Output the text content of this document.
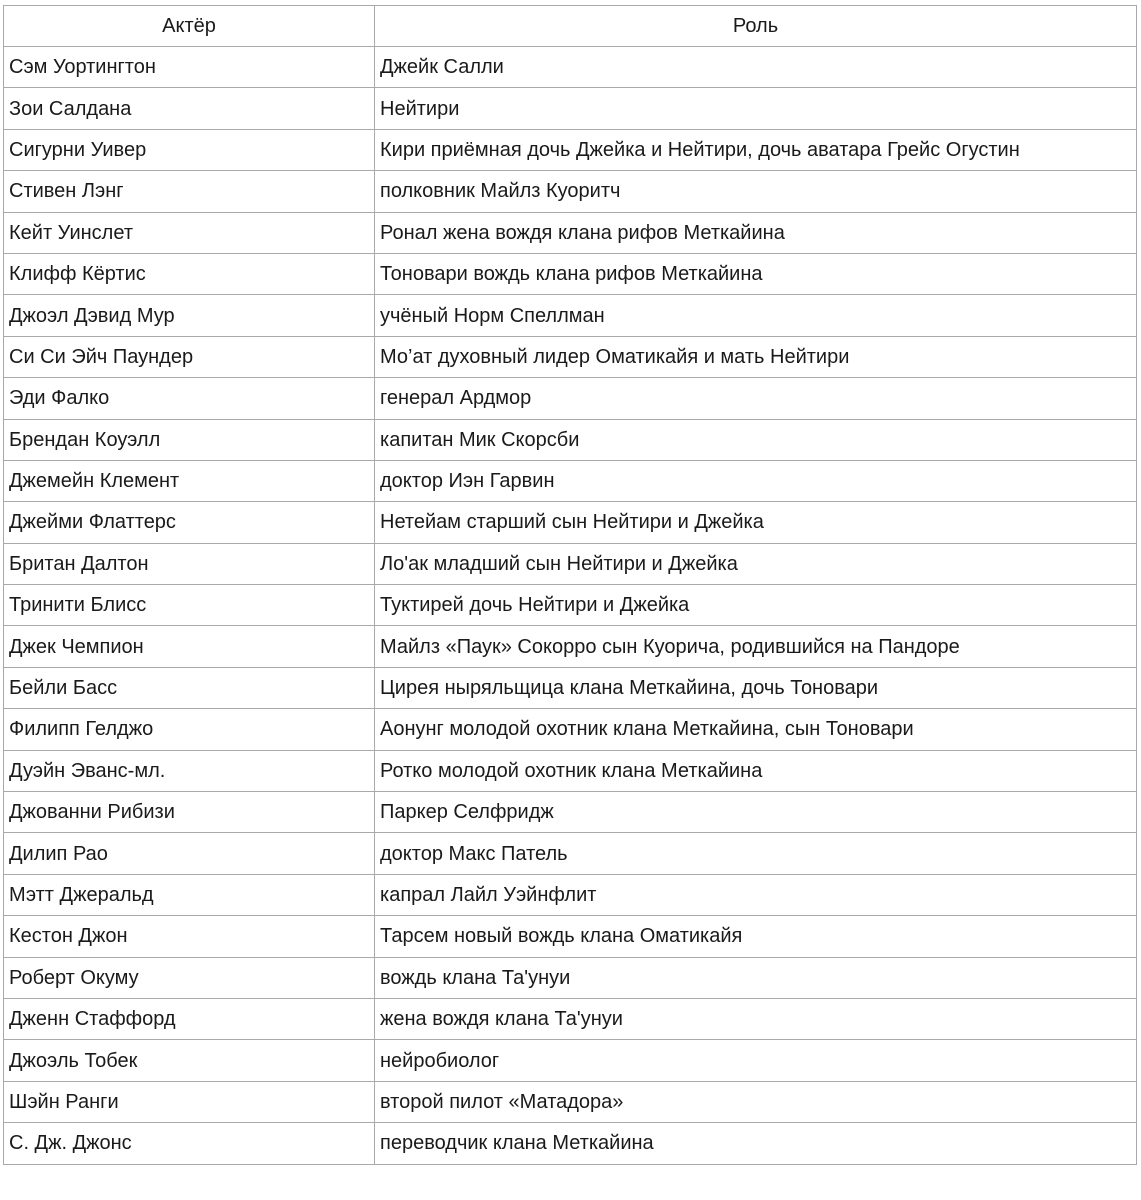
Актёр	Роль
Сэм Уортингтон	Джейк Салли
Зои Салдана	Нейтири
Сигурни Уивер	Кири приёмная дочь Джейка и Нейтири, дочь аватара Грейс Огустин
Стивен Лэнг	полковник Майлз Куоритч
Кейт Уинслет	Ронал жена вождя клана рифов Меткайина
Клифф Кёртис	Тоновари вождь клана рифов Меткайина
Джоэл Дэвид Мур	учёный Норм Спеллман
Си Си Эйч Паундер	Мо’ат духовный лидер Оматикайя и мать Нейтири
Эди Фалко	генерал Ардмор
Брендан Коуэлл	капитан Мик Скорсби
Джемейн Клемент	доктор Иэн Гарвин
Джейми Флаттерс	Нетейам старший сын Нейтири и Джейка
Британ Далтон	Ло'ак младший сын Нейтири и Джейка
Тринити Блисс	Туктирей дочь Нейтири и Джейка
Джек Чемпион	Майлз «Паук» Сокорро сын Куорича, родившийся на Пандоре
Бейли Басс	Цирея ныряльщица клана Меткайина, дочь Тоновари
Филипп Гелджо	Аонунг молодой охотник клана Меткайина, сын Тоновари
Дуэйн Эванс-мл.	Ротко молодой охотник клана Меткайина
Джованни Рибизи	Паркер Селфридж
Дилип Рао	доктор Макс Патель
Мэтт Джеральд	капрал Лайл Уэйнфлит
Кестон Джон	Тарсем новый вождь клана Оматикайя
Роберт Окуму	вождь клана Та'унуи
Дженн Стаффорд	жена вождя клана Та'унуи
Джоэль Тобек	нейробиолог
Шэйн Ранги	второй пилот «Матадора»
С. Дж. Джонс	переводчик клана Меткайина
